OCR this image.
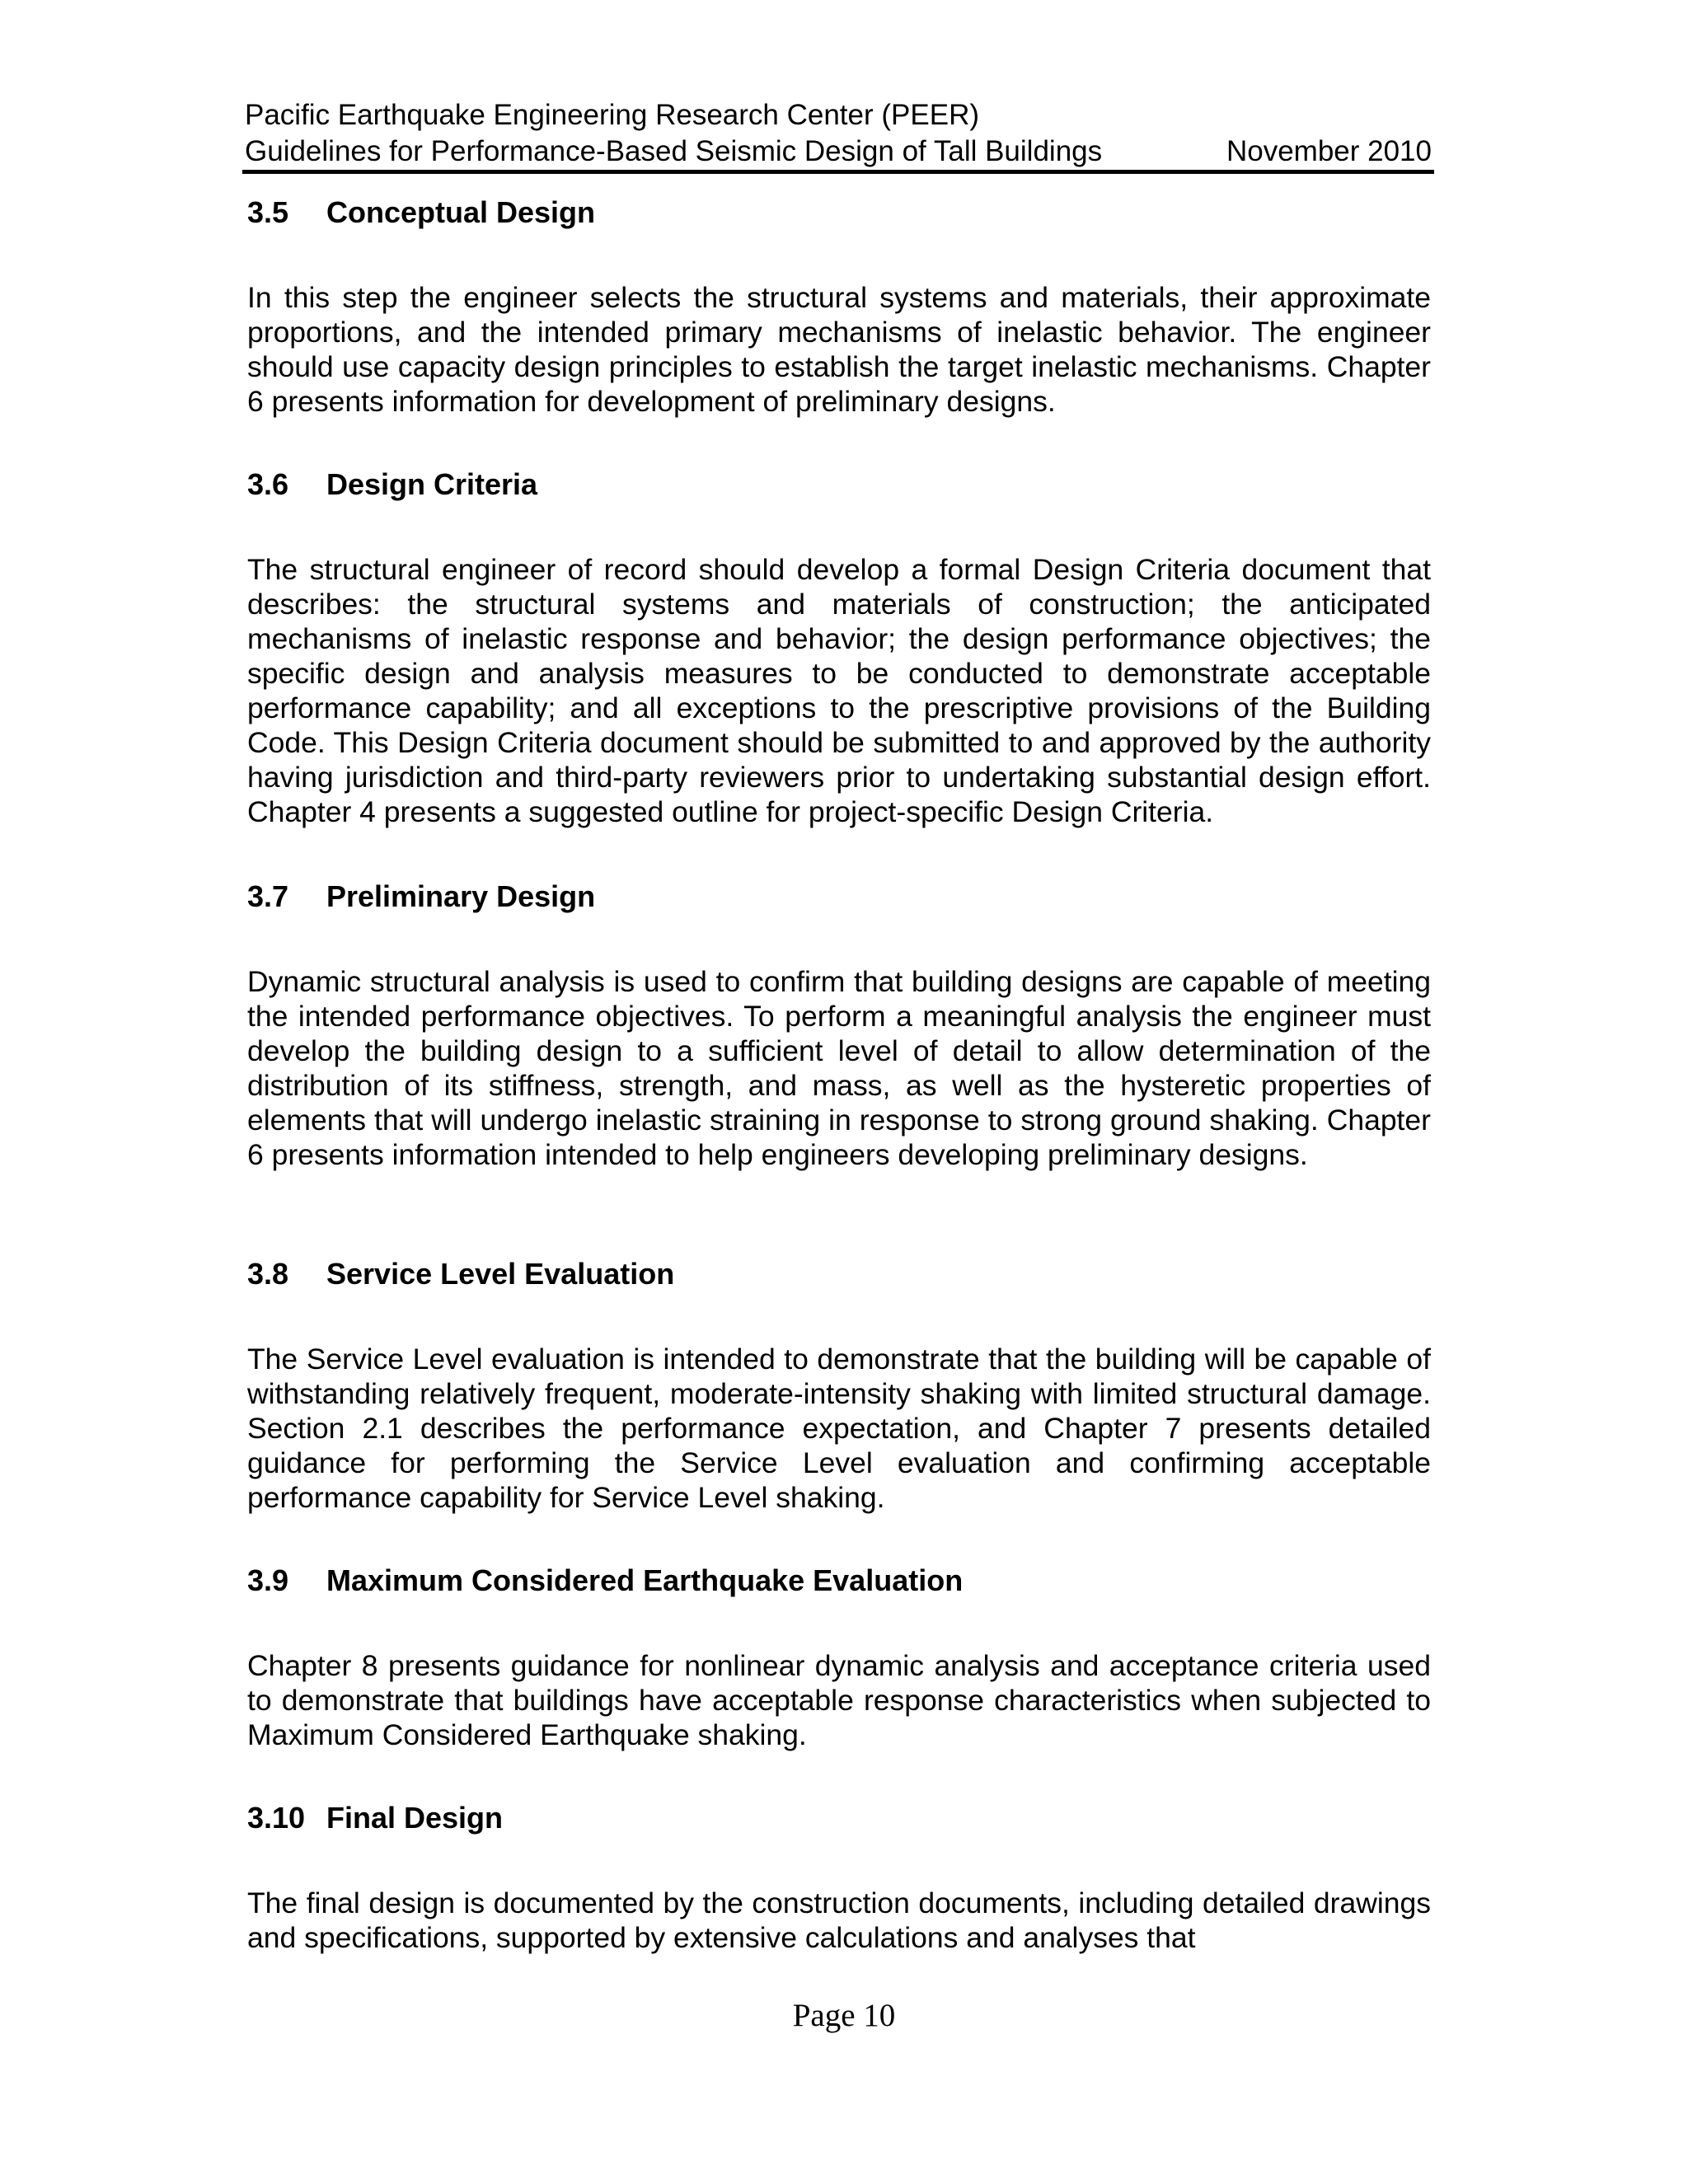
Pacific Earthquake Engineering Research Center (PEER)
Guidelines for Performance-Based Seismic Design of Tall Buildings	November 2010
3.5	Conceptual Design

In this step the engineer selects the structural systems and materials, their approximate proportions, and the intended primary mechanisms of inelastic behavior. The engineer should use capacity design principles to establish the target inelastic mechanisms. Chapter 6 presents information for development of preliminary designs.

3.6	Design Criteria

The structural engineer of record should develop a formal Design Criteria document that describes: the structural systems and materials of construction; the anticipated mechanisms of inelastic response and behavior; the design performance objectives; the specific design and analysis measures to be conducted to demonstrate acceptable performance capability; and all exceptions to the prescriptive provisions of the Building Code. This Design Criteria document should be submitted to and approved by the authority having jurisdiction and third-party reviewers prior to undertaking substantial design effort. Chapter 4 presents a suggested outline for project-specific Design Criteria.

3.7	Preliminary Design

Dynamic structural analysis is used to confirm that building designs are capable of meeting the intended performance objectives. To perform a meaningful analysis the engineer must develop the building design to a sufficient level of detail to allow determination of the distribution of its stiffness, strength, and mass, as well as the hysteretic properties of elements that will undergo inelastic straining in response to strong ground shaking. Chapter 6 presents information intended to help engineers developing preliminary designs.

3.8	Service Level Evaluation

The Service Level evaluation is intended to demonstrate that the building will be capable of withstanding relatively frequent, moderate-intensity shaking with limited structural damage. Section 2.1 describes the performance expectation, and Chapter 7 presents detailed guidance for performing the Service Level evaluation and confirming acceptable performance capability for Service Level shaking.

3.9	Maximum Considered Earthquake Evaluation

Chapter 8 presents guidance for nonlinear dynamic analysis and acceptance criteria used to demonstrate that buildings have acceptable response characteristics when subjected to Maximum Considered Earthquake shaking.

3.10 Final Design

The final design is documented by the construction documents, including detailed drawings and specifications, supported by extensive calculations and analyses that

Page 10
